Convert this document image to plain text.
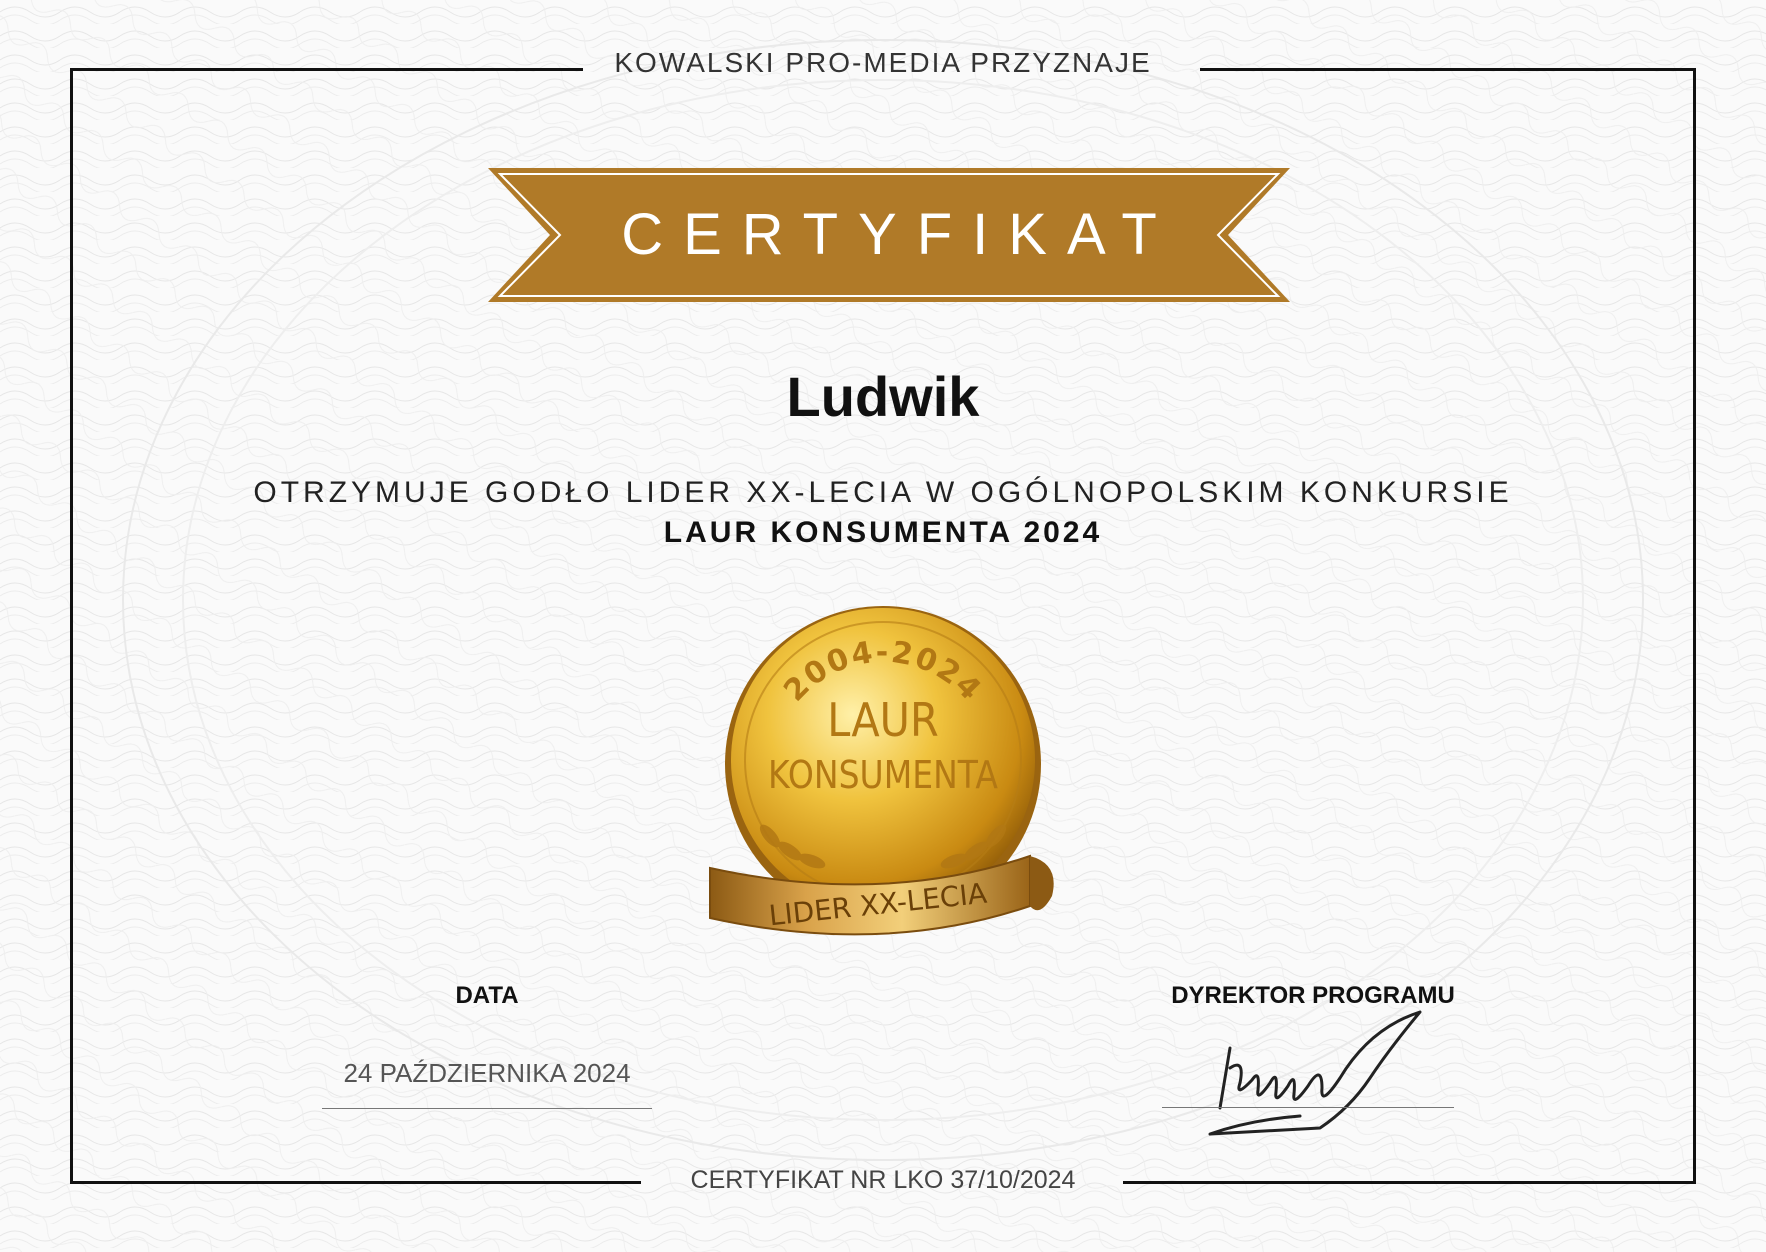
KOWALSKI PRO-MEDIA PRZYZNAJE
CERTYFIKAT
Ludwik
OTRZYMUJE GODŁO LIDER XX-LECIA W OGÓLNOPOLSKIM KONKURSIE
LAUR KONSUMENTA 2024
2004-2024
LAUR
KONSUMENTA
LIDER XX-LECIA
DATA
24 PAŹDZIERNIKA 2024
DYREKTOR PROGRAMU
CERTYFIKAT NR LKO 37/10/2024
